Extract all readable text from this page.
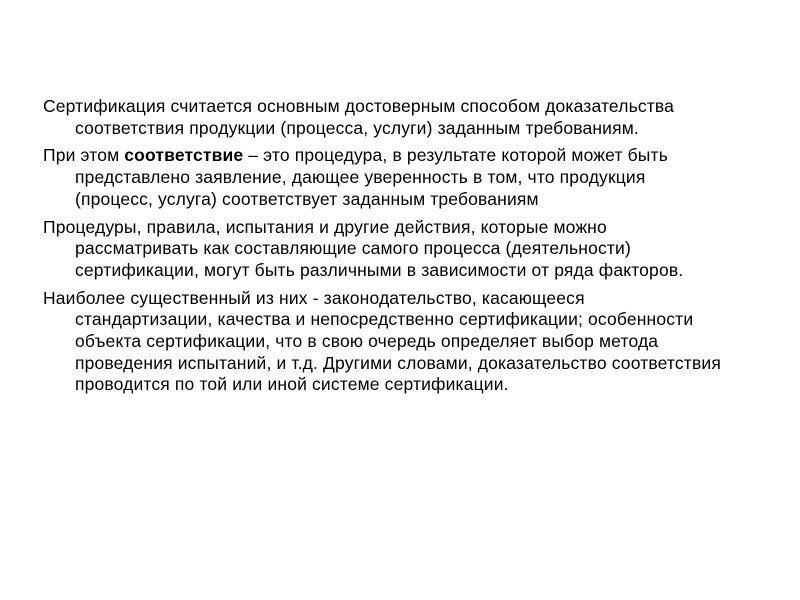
Сертификация считается основным достоверным способом доказательства соответствия продукции (процесса, услуги) заданным требованиям.

При этом соответствие – это процедура, в результате которой может быть представлено заявление, дающее уверенность в том, что продукция (процесс, услуга) соответствует заданным требованиям

Процедуры, правила, испытания и другие действия, которые можно рассматривать как составляющие самого процесса (деятельности) сертификации, могут быть различными в зависимости от ряда факторов.

Наиболее существенный из них - законодательство, касающееся стандартизации, качества и непосредственно сертификации; особенности объекта сертификации, что в свою очередь определяет выбор метода проведения испытаний, и т.д. Другими словами, доказательство соответствия проводится по той или иной системе сертификации.
